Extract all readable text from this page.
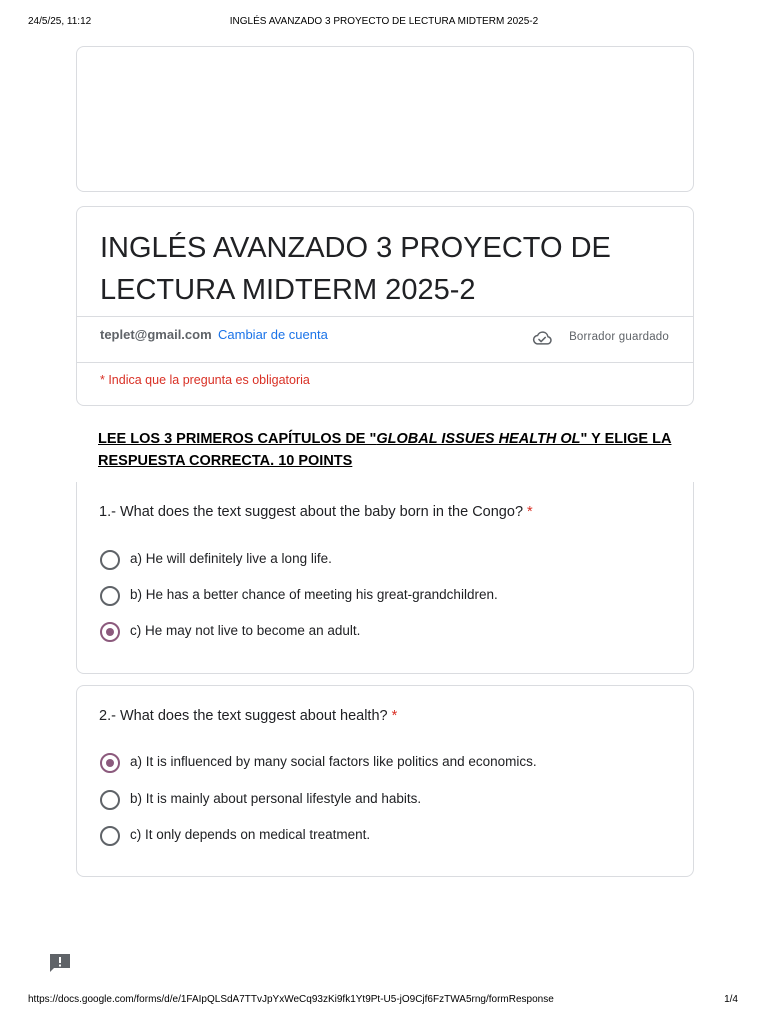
24/5/25, 11:12	INGLÉS AVANZADO 3 PROYECTO DE LECTURA MIDTERM 2025-2
INGLÉS AVANZADO 3 PROYECTO DE LECTURA MIDTERM 2025-2
teplet@gmail.com Cambiar de cuenta	Borrador guardado
* Indica que la pregunta es obligatoria

LEE LOS 3 PRIMEROS CAPÍTULOS DE "GLOBAL ISSUES HEALTH OL" Y ELIGE LA RESPUESTA CORRECTA. 10 POINTS

1.- What does the text suggest about the baby born in the Congo? *
a) He will definitely live a long life.
b) He has a better chance of meeting his great-grandchildren.
c) He may not live to become an adult.
2.- What does the text suggest about health? *
a) It is influenced by many social factors like politics and economics.
b) It is mainly about personal lifestyle and habits.
c) It only depends on medical treatment.
https://docs.google.com/forms/d/e/1FAIpQLSdA7TTvJpYxWeCq93zKi9fk1Yt9Pt-U5-jO9Cjf6FzTWA5rng/formResponse	1/4
